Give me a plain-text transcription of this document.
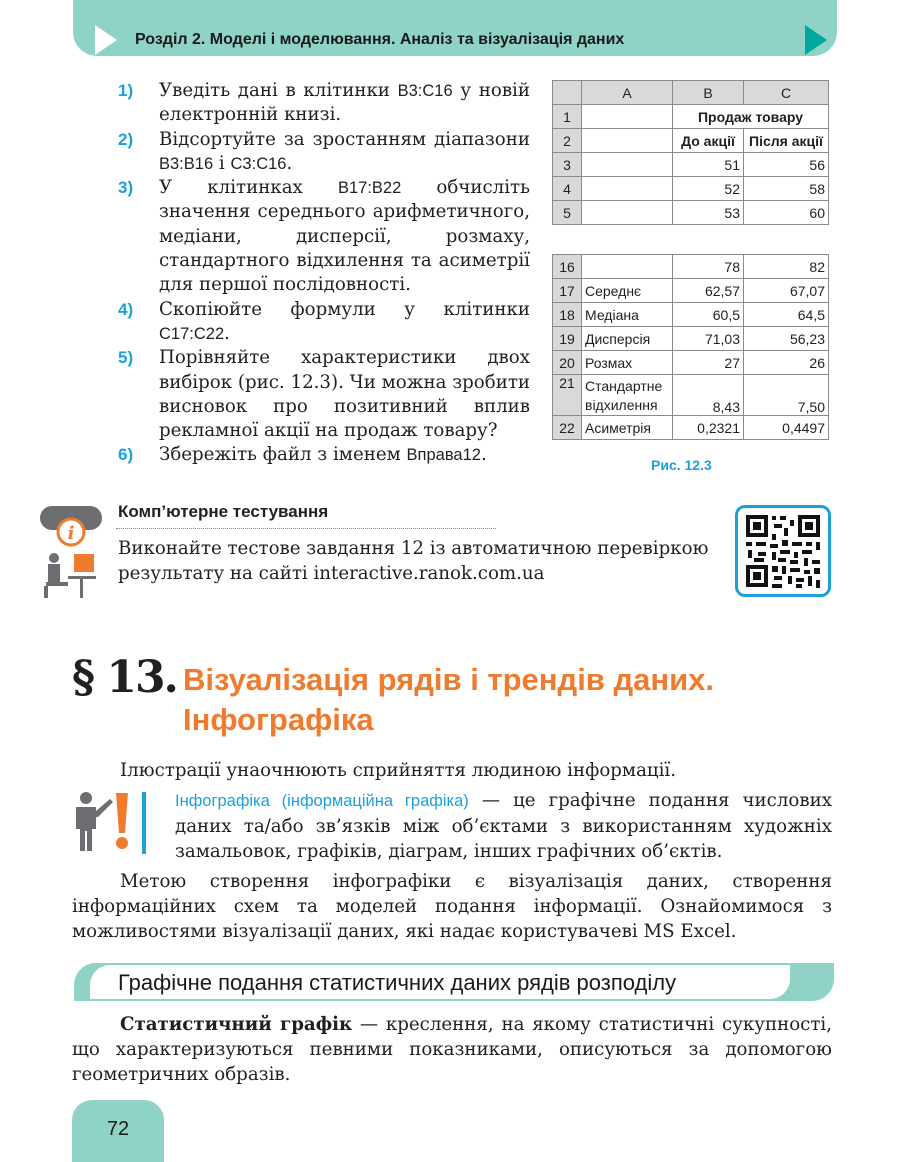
Розділ 2. Моделі і моделювання. Аналіз та візуалізація даних
1) Уведіть дані в клітинки B3:C16 у новій електронній книзі.
2) Відсортуйте за зростанням діапазони B3:B16 і C3:C16.
3) У клітинках B17:B22 обчисліть значення середнього арифметичного, медіани, дисперсії, розмаху, стандартного відхилення та асиметрії для першої послідовності.
4) Скопіюйте формули у клітинки C17:C22.
5) Порівняйте характеристики двох вибірок (рис. 12.3). Чи можна зробити висновок про позитивний вплив рекламної акції на продаж товару?
6) Збережіть файл з іменем Вправа12.
	A	B	C
1		Продаж товару	
2		До акції	Після акції
3		51	56
4		52	58
5		53	60
16		78	82
17	Середнє	62,57	67,07
18	Медіана	60,5	64,5
19	Дисперсія	71,03	56,23
20	Розмах	27	26
21	Стандартне
відхилення	8,43	7,50
22	Асиметрія	0,2321	0,4497
Рис. 12.3
i
Комп’ютерне тестування
Виконайте тестове завдання 12 із автоматичною перевіркою результату на сайті interactive.ranok.com.ua
§ 13. Візуалізація рядів і трендів даних.
Інфографіка
Ілюстрації унаочнюють сприйняття людиною інформації.
Інфографіка (інформаційна графіка) — це графічне подання числових даних та/або зв’язків між об’єктами з використанням художніх замальовок, графіків, діаграм, інших графічних об’єктів.
Метою створення інфографіки є візуалізація даних, створення інформаційних схем та моделей подання інформації. Ознайомимося з можливостями візуалізації даних, які надає користувачеві MS Excel.
Графічне подання статистичних даних рядів розподілу
Статистичний графік — креслення, на якому статистичні сукупності, що характеризуються певними показниками, описуються за допомогою геометричних образів.
72
